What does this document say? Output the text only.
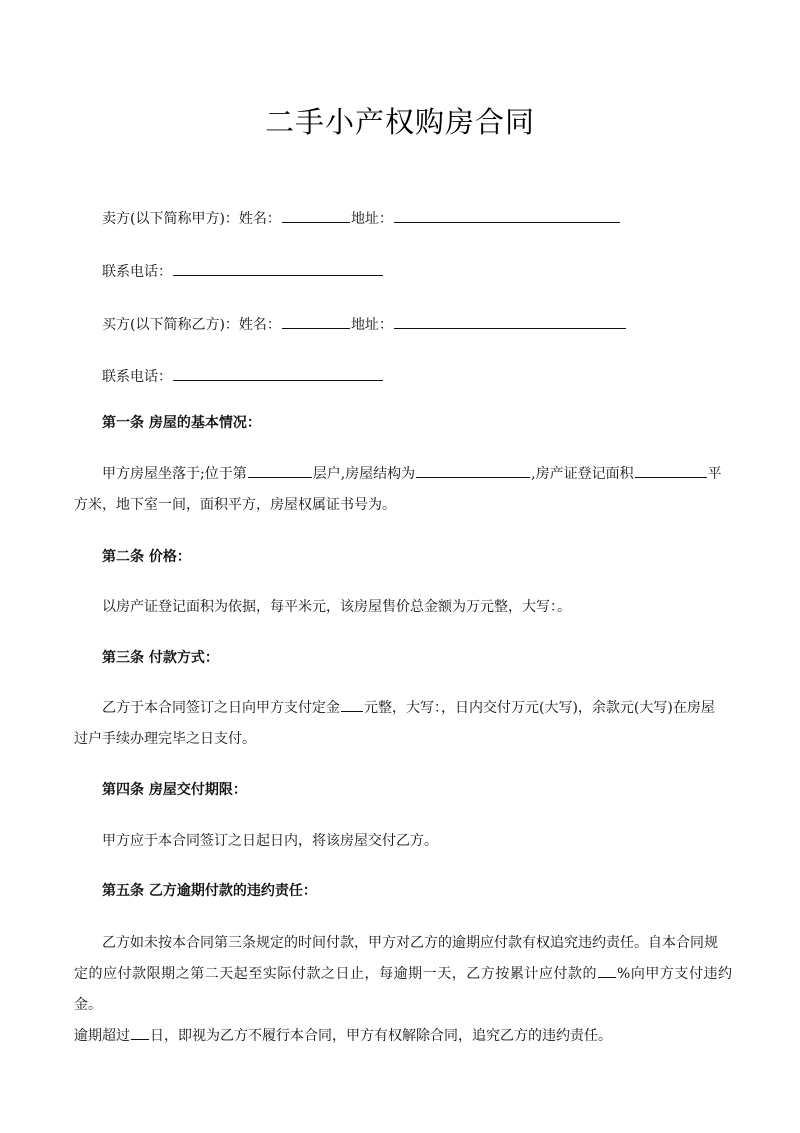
二手小产权购房合同
卖方(以下简称甲方)：姓名：	地址：
联系电话：
买方(以下简称乙方)：姓名：	地址：
联系电话：
第一条 房屋的基本情况：
甲方房屋坐落于;位于第	层户,房屋结构为	,房产证登记面积	平
方米，地下室一间，面积平方，房屋权属证书号为。
第二条 价格：
以房产证登记面积为依据，每平米元，该房屋售价总金额为万元整，大写：。
第三条 付款方式：
乙方于本合同签订之日向甲方支付定金 元整，大写：，日内交付万元(大写)，余款元(大写)在房屋
过户手续办理完毕之日支付。
第四条 房屋交付期限：
甲方应于本合同签订之日起日内，将该房屋交付乙方。
第五条 乙方逾期付款的违约责任：
乙方如未按本合同第三条规定的时间付款，甲方对乙方的逾期应付款有权追究违约责任。自本合同规
定的应付款限期之第二天起至实际付款之日止，每逾期一天，乙方按累计应付款的 %向甲方支付违约金。
逾期超过 日，即视为乙方不履行本合同，甲方有权解除合同，追究乙方的违约责任。
